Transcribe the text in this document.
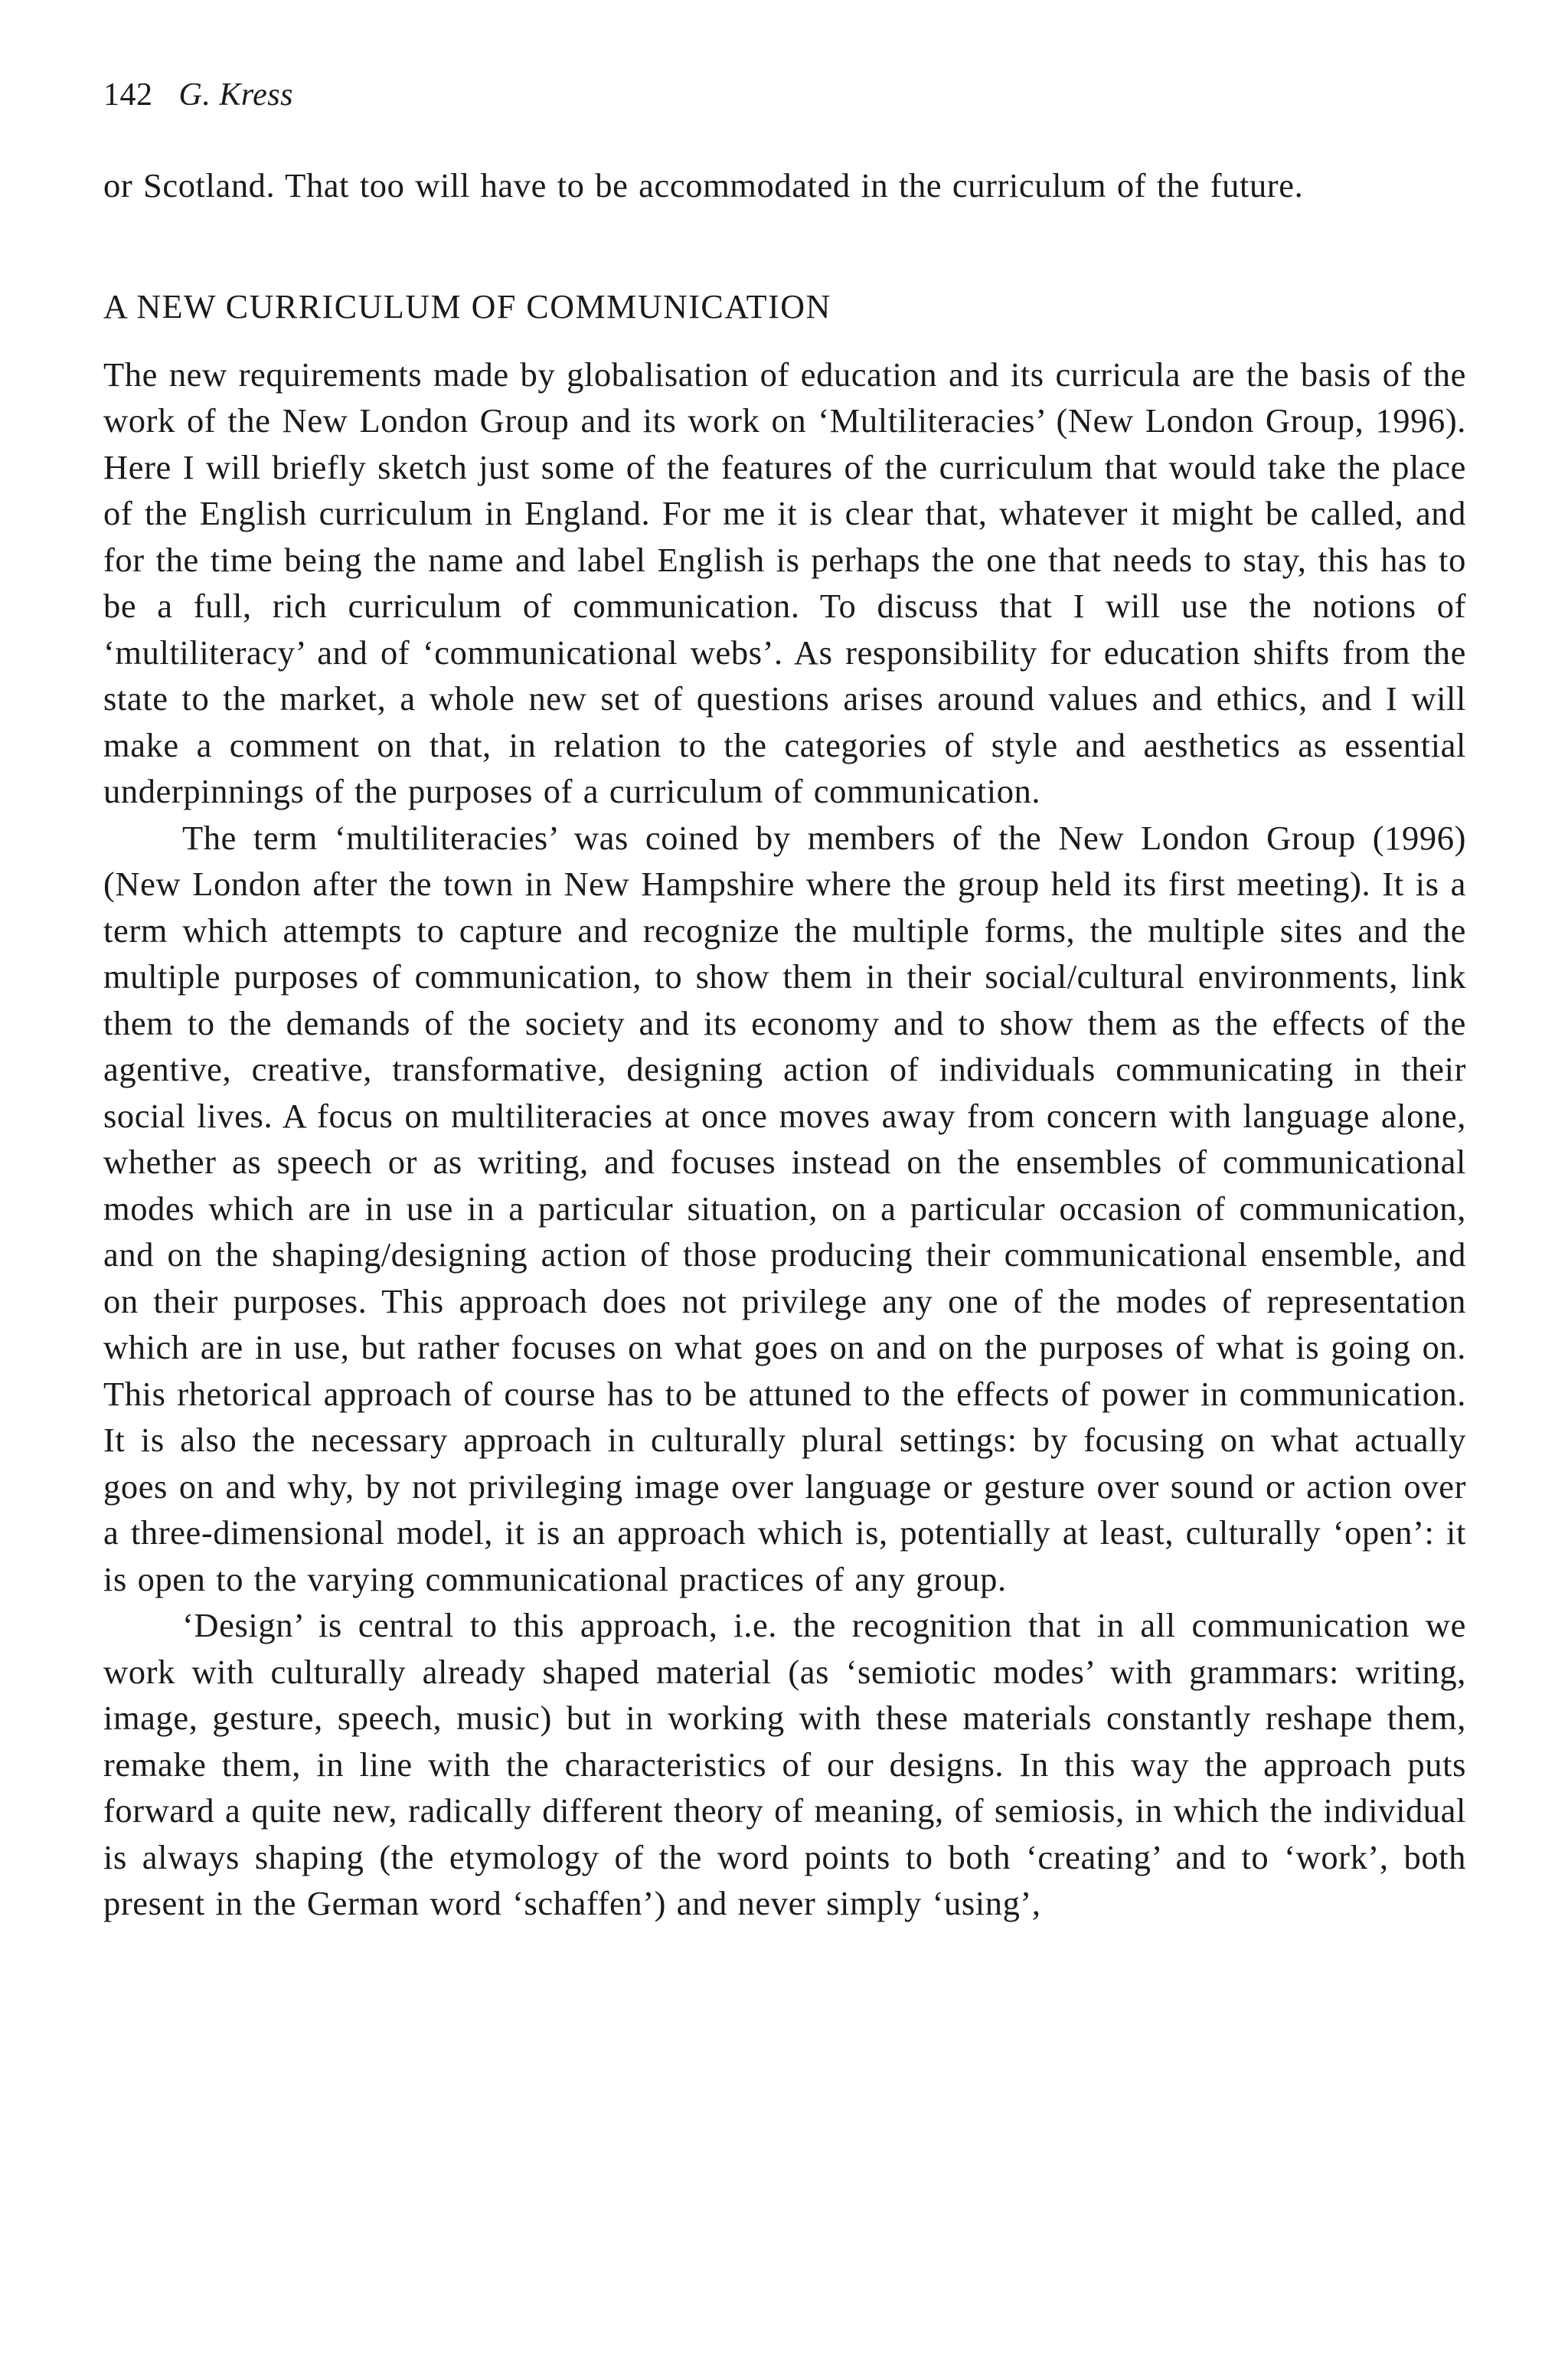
142 G. Kress

or Scotland. That too will have to be accommodated in the curriculum of the future.

A NEW CURRICULUM OF COMMUNICATION

The new requirements made by globalisation of education and its curricula are the basis of the work of the New London Group and its work on ‘Multiliteracies’ (New London Group, 1996). Here I will briefly sketch just some of the features of the curriculum that would take the place of the English curriculum in England. For me it is clear that, whatever it might be called, and for the time being the name and label English is perhaps the one that needs to stay, this has to be a full, rich curriculum of communication. To discuss that I will use the notions of ‘multiliteracy’ and of ‘communicational webs’. As responsibility for education shifts from the state to the market, a whole new set of questions arises around values and ethics, and I will make a comment on that, in relation to the categories of style and aesthetics as essential underpinnings of the purposes of a curriculum of communication.

The term ‘multiliteracies’ was coined by members of the New London Group (1996) (New London after the town in New Hampshire where the group held its first meeting). It is a term which attempts to capture and recognize the multiple forms, the multiple sites and the multiple purposes of communication, to show them in their social/cultural environments, link them to the demands of the society and its economy and to show them as the effects of the agentive, creative, transformative, designing action of individuals communicating in their social lives. A focus on multiliteracies at once moves away from concern with language alone, whether as speech or as writing, and focuses instead on the ensembles of communicational modes which are in use in a particular situation, on a particular occasion of communication, and on the shaping/designing action of those producing their communicational ensemble, and on their purposes. This approach does not privilege any one of the modes of representation which are in use, but rather focuses on what goes on and on the purposes of what is going on. This rhetorical approach of course has to be attuned to the effects of power in communication. It is also the necessary approach in culturally plural settings: by focusing on what actually goes on and why, by not privileging image over language or gesture over sound or action over a three-dimensional model, it is an approach which is, potentially at least, culturally ‘open’: it is open to the varying communicational practices of any group.

‘Design’ is central to this approach, i.e. the recognition that in all communication we work with culturally already shaped material (as ‘semiotic modes’ with grammars: writing, image, gesture, speech, music) but in working with these materials constantly reshape them, remake them, in line with the characteristics of our designs. In this way the approach puts forward a quite new, radically different theory of meaning, of semiosis, in which the individual is always shaping (the etymology of the word points to both ‘creating’ and to ‘work’, both present in the German word ‘schaffen’) and never simply ‘using’,
